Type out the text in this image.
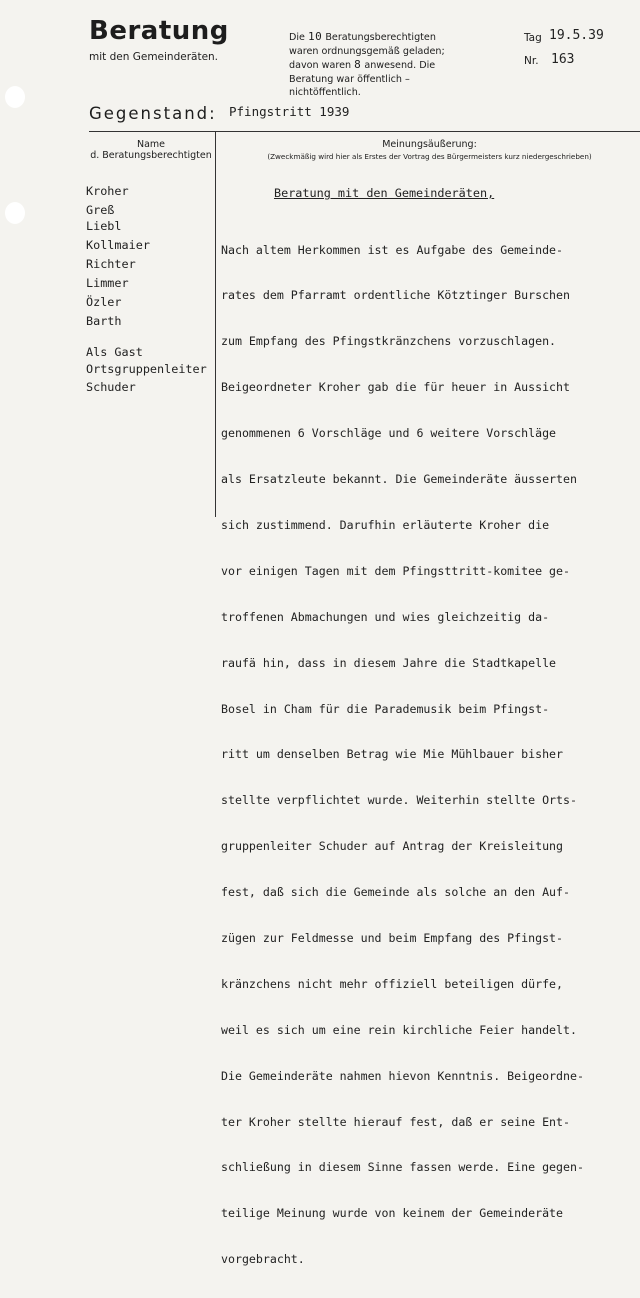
Beratung
mit den Gemeinderäten.
Die 10 Beratungsberechtigten waren ordnungsgemäß geladen; davon waren 8 anwesend. Die Beratung war öffentlich – nichtöffentlich.
Tag 19.5.39
Nr. 163
Gegenstand: Pfingstritt 1939
Name
d. Beratungsberechtigten
Meinungsäußerung:
(Zweckmäßig wird hier als Erstes der Vortrag des Bürgermeisters kurz niedergeschrieben)
Kroher
Greß
Liebl
Kollmaier
Richter
Limmer
Özler
Barth
Als Gast
Ortsgruppenleiter
Schuder
Beratung mit den Gemeinderäten,

Nach altem Herkommen ist es Aufgabe des Gemeinde-

rates dem Pfarramt ordentliche Kötztinger Burschen

zum Empfang des Pfingstkränzchens vorzuschlagen.

Beigeordneter Kroher gab die für heuer in Aussicht

genommenen 6 Vorschläge und 6 weitere Vorschläge

als Ersatzleute bekannt. Die Gemeinderäte äusserten

sich zustimmend. Darufhin erläuterte Kroher die

vor einigen Tagen mit dem Pfingsttritt-komitee ge-

troffenen Abmachungen und wies gleichzeitig da-

raufä hin, dass in diesem Jahre die Stadtkapelle

Bosel in Cham für die Parademusik beim Pfingst-

ritt um denselben Betrag wie Mie Mühlbauer bisher

stellte verpflichtet wurde. Weiterhin stellte Orts-

gruppenleiter Schuder auf Antrag der Kreisleitung

fest, daß sich die Gemeinde als solche an den Auf-

zügen zur Feldmesse und beim Empfang des Pfingst-

kränzchens nicht mehr offiziell beteiligen dürfe,

weil es sich um eine rein kirchliche Feier handelt.

Die Gemeinderäte nahmen hievon Kenntnis. Beigeordne-

ter Kroher stellte hierauf fest, daß er seine Ent-

schließung in diesem Sinne fassen werde. Eine gegen-

teilige Meinung wurde von keinem der Gemeinderäte

vorgebracht.
